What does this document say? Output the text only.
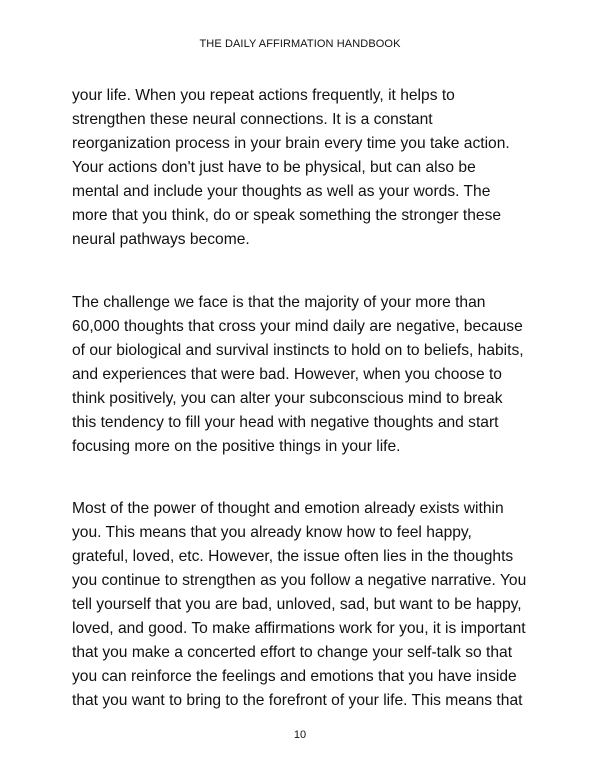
THE DAILY AFFIRMATION HANDBOOK
your life. When you repeat actions frequently, it helps to
strengthen these neural connections. It is a constant
reorganization process in your brain every time you take action.
Your actions don't just have to be physical, but can also be
mental and include your thoughts as well as your words. The
more that you think, do or speak something the stronger these
neural pathways become.
The challenge we face is that the majority of your more than
60,000 thoughts that cross your mind daily are negative, because
of our biological and survival instincts to hold on to beliefs, habits,
and experiences that were bad. However, when you choose to
think positively, you can alter your subconscious mind to break
this tendency to fill your head with negative thoughts and start
focusing more on the positive things in your life.
Most of the power of thought and emotion already exists within
you. This means that you already know how to feel happy,
grateful, loved, etc. However, the issue often lies in the thoughts
you continue to strengthen as you follow a negative narrative. You
tell yourself that you are bad, unloved, sad, but want to be happy,
loved, and good. To make affirmations work for you, it is important
that you make a concerted effort to change your self-talk so that
you can reinforce the feelings and emotions that you have inside
that you want to bring to the forefront of your life. This means that
10
